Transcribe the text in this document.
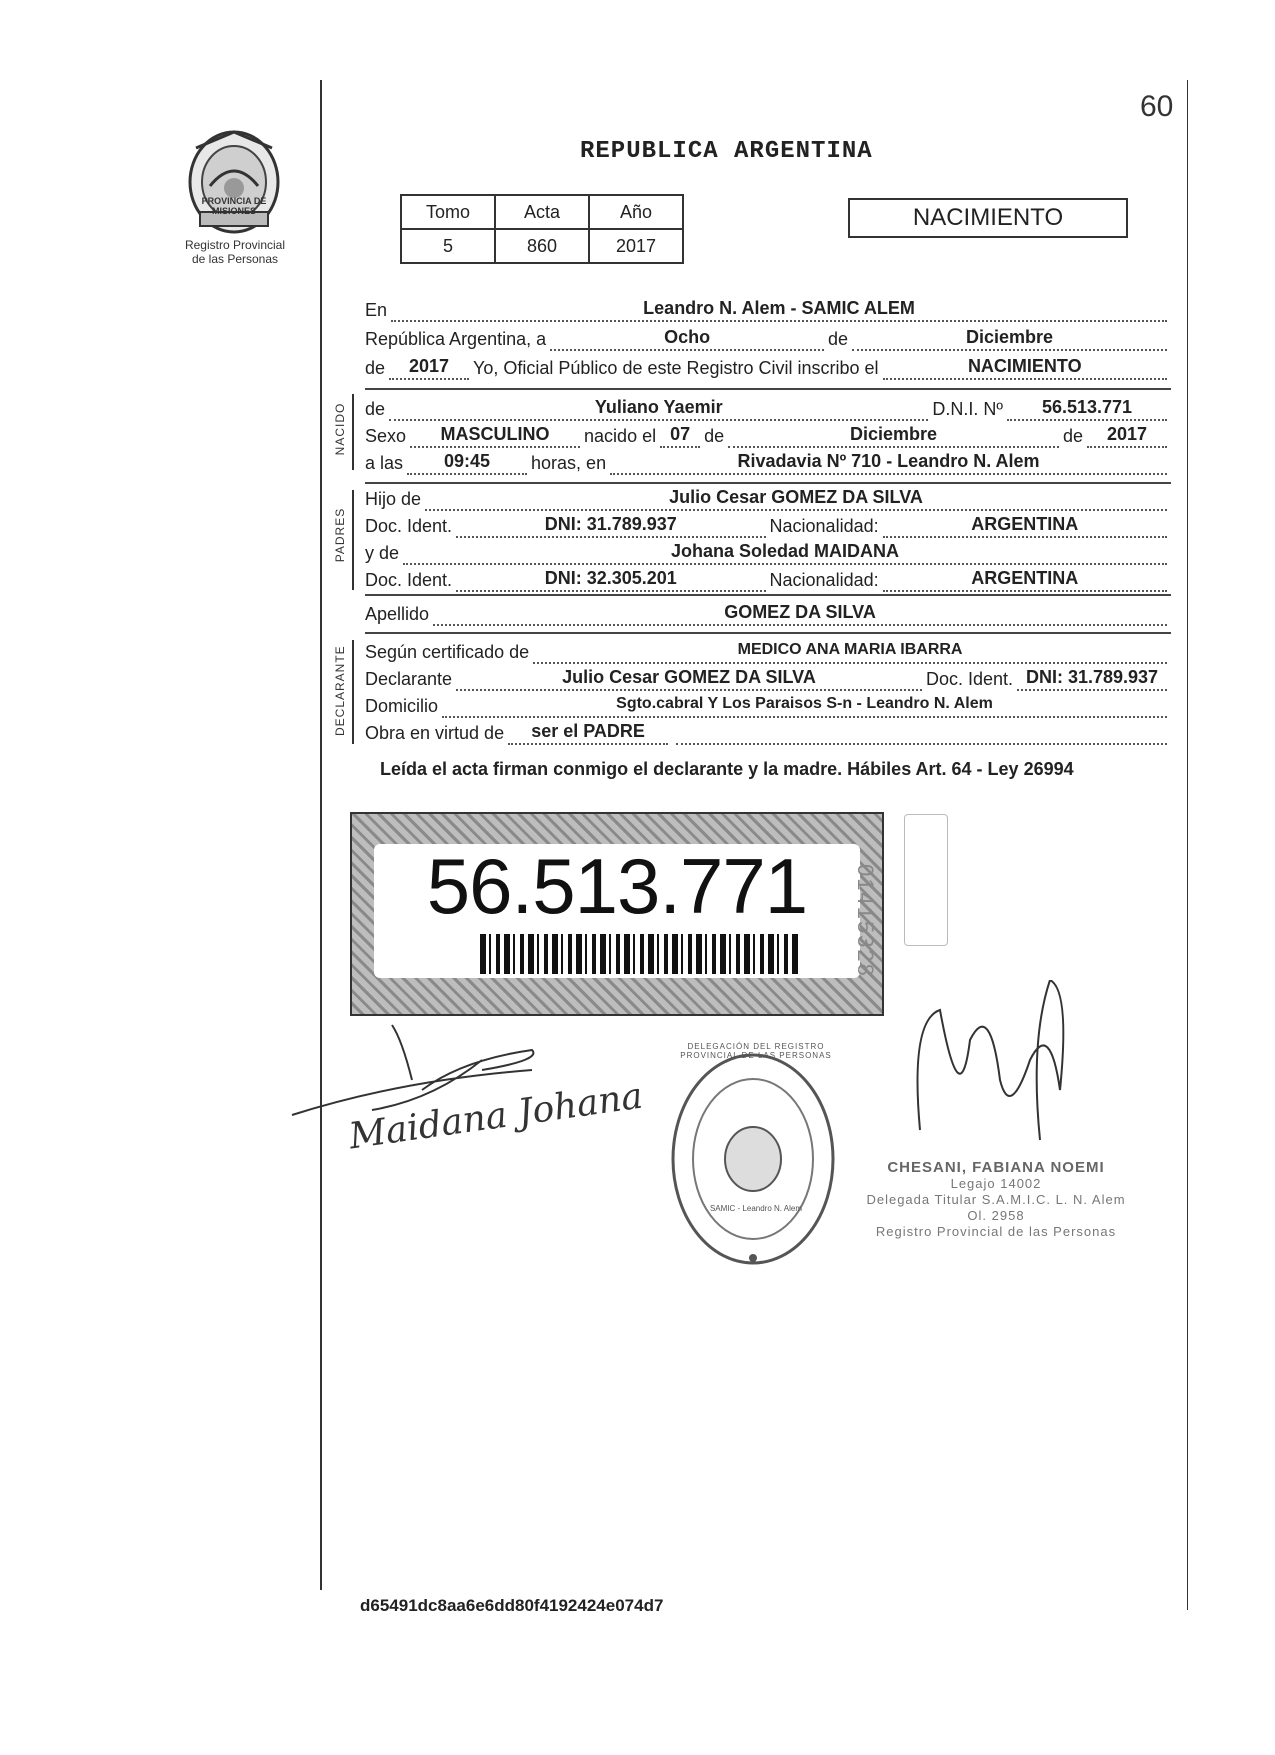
60
PROVINCIA DE MISIONES
Registro Provincial
de las Personas
REPUBLICA ARGENTINA
Tomo	Acta	Año
5	860	2017
NACIMIENTO
En	Leandro N. Alem - SAMIC ALEM
República Argentina, a	Ocho	de	Diciembre
de	2017	Yo, Oficial Público de este Registro Civil inscribo el	NACIMIENTO
NACIDO de	Yuliano Yaemir	D.N.I. Nº	56.513.771
Sexo	MASCULINO	nacido el 07 de	Diciembre	de	2017
a las	09:45	horas, en	Rivadavia Nº 710 - Leandro N. Alem
PADRES
Hijo de	Julio Cesar GOMEZ DA SILVA
Doc. Ident.	DNI: 31.789.937	Nacionalidad:	ARGENTINA
y de	Johana Soledad MAIDANA
Doc. Ident.	DNI: 32.305.201	Nacionalidad:	ARGENTINA
Apellido	GOMEZ DA SILVA
DECLARANTE Según certificado de	MEDICO ANA MARIA IBARRA
Declarante	Julio Cesar GOMEZ DA SILVA	Doc. Ident. DNI: 31.789.937
Domicilio	Sgto.cabral Y Los Paraisos S-n - Leandro N. Alem
Obra en virtud de	ser el PADRE
Leída el acta firman conmigo el declarante y la madre. Hábiles Art. 64 - Ley 26994
56.513.771	01415328
Maidana Johana
DELEGACIÓN DEL REGISTRO PROVINCIAL DE LAS PERSONAS
SAMIC - Leandro N. Alem
CHESANI, FABIANA NOEMI
Legajo 14002
Delegada Titular S.A.M.I.C. L. N. Alem Ol. 2958
Registro Provincial de las Personas
d65491dc8aa6e6dd80f4192424e074d7
